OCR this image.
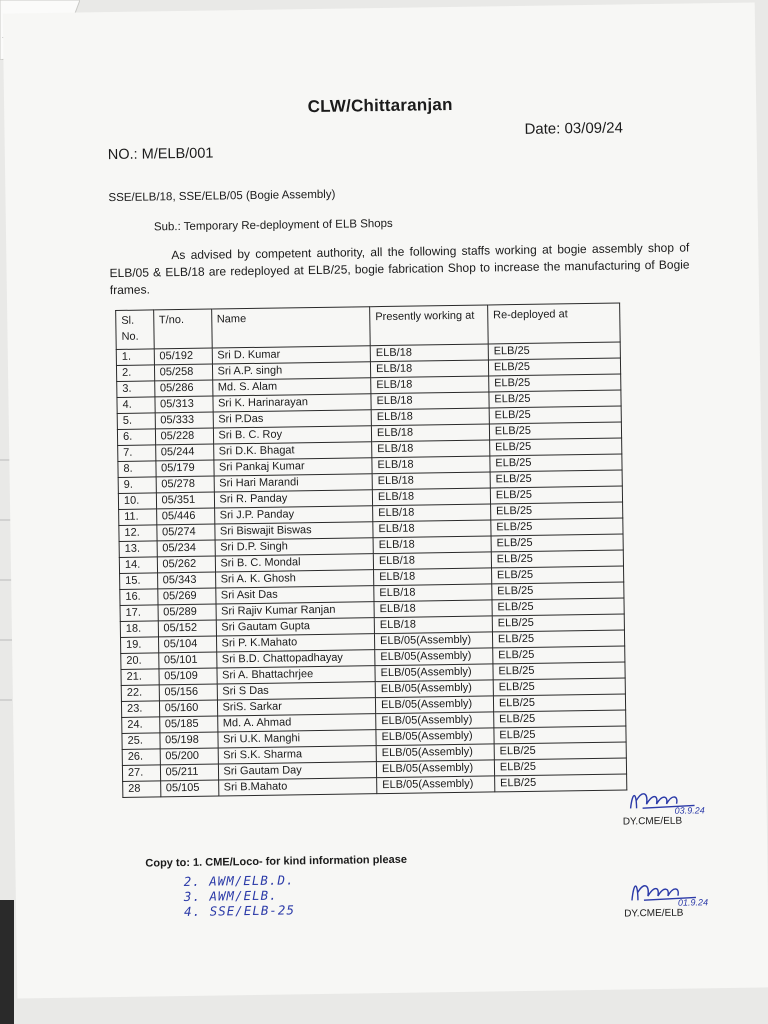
CLW/Chittaranjan
Date: 03/09/24
NO.: M/ELB/001
SSE/ELB/18, SSE/ELB/05 (Bogie Assembly)
Sub.: Temporary Re-deployment of ELB Shops
As advised by competent authority, all the following staffs working at bogie assembly shop of ELB/05 & ELB/18 are redeployed at ELB/25, bogie fabrication Shop to increase the manufacturing of Bogie frames.
Sl. No.	T/no.	Name	Presently working at	Re-deployed at
1.	05/192	Sri D. Kumar	ELB/18	ELB/25
2.	05/258	Sri A.P. singh	ELB/18	ELB/25
3.	05/286	Md. S. Alam	ELB/18	ELB/25
4.	05/313	Sri K. Harinarayan	ELB/18	ELB/25
5.	05/333	Sri P.Das	ELB/18	ELB/25
6.	05/228	Sri B. C. Roy	ELB/18	ELB/25
7.	05/244	Sri D.K. Bhagat	ELB/18	ELB/25
8.	05/179	Sri Pankaj Kumar	ELB/18	ELB/25
9.	05/278	Sri Hari Marandi	ELB/18	ELB/25
10.	05/351	Sri R. Panday	ELB/18	ELB/25
11.	05/446	Sri J.P. Panday	ELB/18	ELB/25
12.	05/274	Sri Biswajit Biswas	ELB/18	ELB/25
13.	05/234	Sri D.P. Singh	ELB/18	ELB/25
14.	05/262	Sri B. C. Mondal	ELB/18	ELB/25
15.	05/343	Sri A. K. Ghosh	ELB/18	ELB/25
16.	05/269	Sri Asit Das	ELB/18	ELB/25
17.	05/289	Sri Rajiv Kumar Ranjan	ELB/18	ELB/25
18.	05/152	Sri Gautam Gupta	ELB/18	ELB/25
19.	05/104	Sri P. K.Mahato	ELB/05(Assembly)	ELB/25
20.	05/101	Sri B.D. Chattopadhayay	ELB/05(Assembly)	ELB/25
21.	05/109	Sri A. Bhattachrjee	ELB/05(Assembly)	ELB/25
22.	05/156	Sri S Das	ELB/05(Assembly)	ELB/25
23.	05/160	SriS. Sarkar	ELB/05(Assembly)	ELB/25
24.	05/185	Md. A. Ahmad	ELB/05(Assembly)	ELB/25
25.	05/198	Sri U.K. Manghi	ELB/05(Assembly)	ELB/25
26.	05/200	Sri S.K. Sharma	ELB/05(Assembly)	ELB/25
27.	05/211	Sri Gautam Day	ELB/05(Assembly)	ELB/25
28	05/105	Sri B.Mahato	ELB/05(Assembly)	ELB/25
03.9.24
DY.CME/ELB
Copy to: 1. CME/Loco- for kind information please
2. AWM/ELB.D.
3. AWM/ELB.
4. SSE/ELB-25	01.9.24
DY.CME/ELB
